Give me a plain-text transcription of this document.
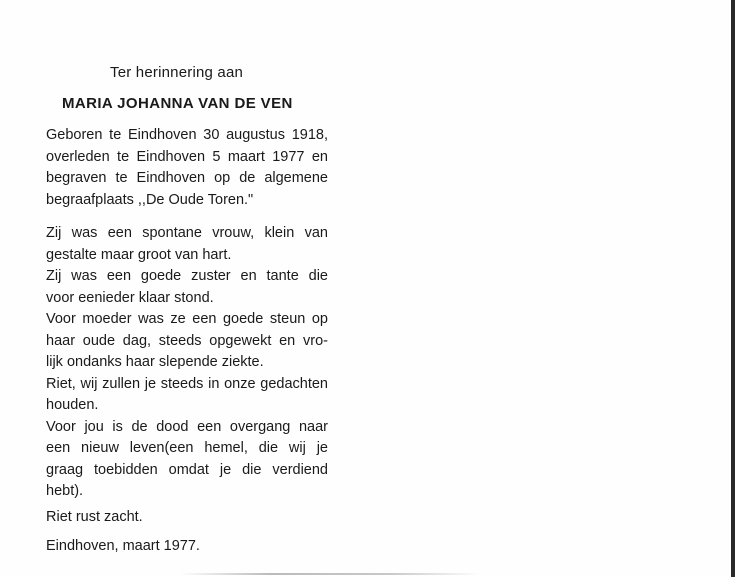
Ter herinnering aan
MARIA JOHANNA VAN DE VEN
Geboren te Eindhoven 30 augustus 1918,
overleden te Eindhoven 5 maart 1977 en
begraven te Eindhoven op de algemene
begraafplaats ,,De Oude Toren."
Zij was een spontane vrouw, klein van
gestalte maar groot van hart.
Zij was een goede zuster en tante die
voor eenieder klaar stond.
Voor moeder was ze een goede steun op
haar oude dag, steeds opgewekt en vro-
lijk ondanks haar slepende ziekte.
Riet, wij zullen je steeds in onze gedachten
houden.
Voor jou is de dood een overgang naar
een nieuw leven(een hemel, die wij je
graag toebidden omdat je die verdiend
hebt).
Riet rust zacht.
Eindhoven, maart 1977.
